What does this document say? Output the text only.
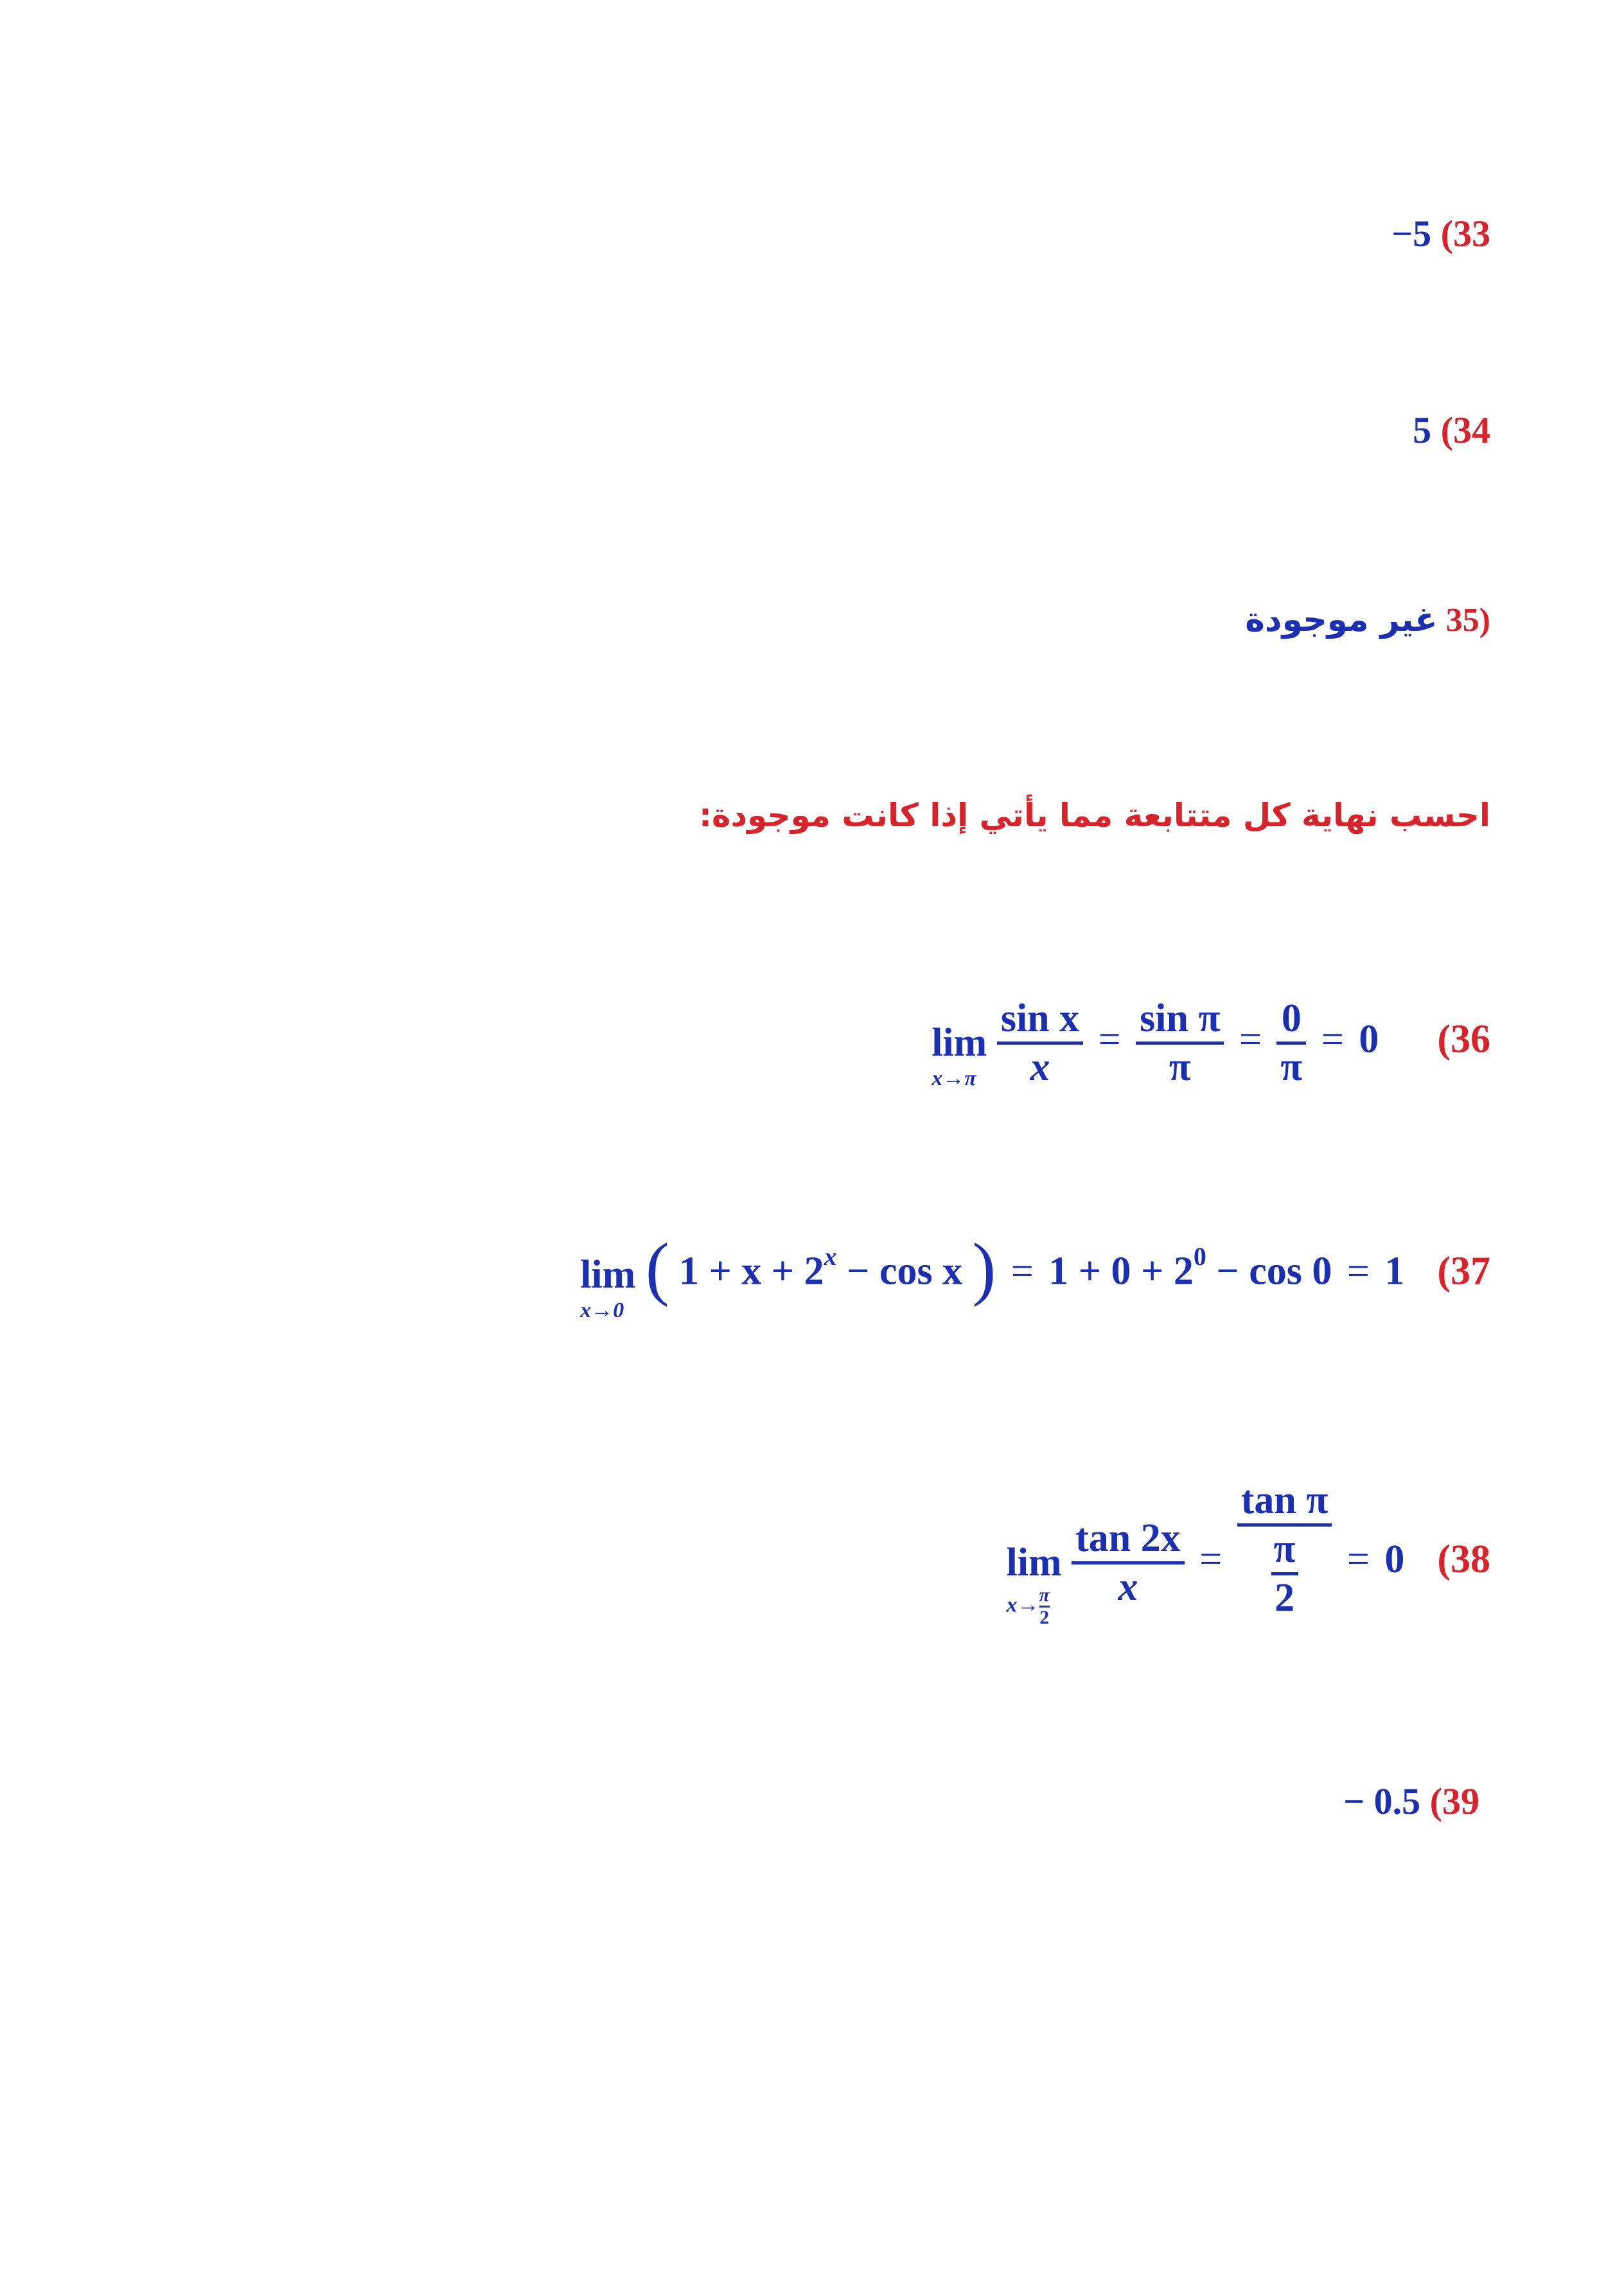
−5 (33
5 (34
غير موجودة 35)
احسب نهاية كل متتابعة مما يأتي إذا كانت موجودة:
lim
x→π
$\frac{\text{sin x}}{x} = \frac{\text{sin π}}{\pi} = \frac{0}{\pi} = 0$ (36
lim
x→0
( $1 + x + 2^x - \cos x$ ) = $1 + 0 + 2^0 - \cos 0 = 1$ (37
lim
$x\to \frac{\pi}{2}$
$\frac{\tan 2x}{x} = \frac{\text{tan π}}{\frac{\pi}{2}} = 0$ (38
− 0.5 (39
